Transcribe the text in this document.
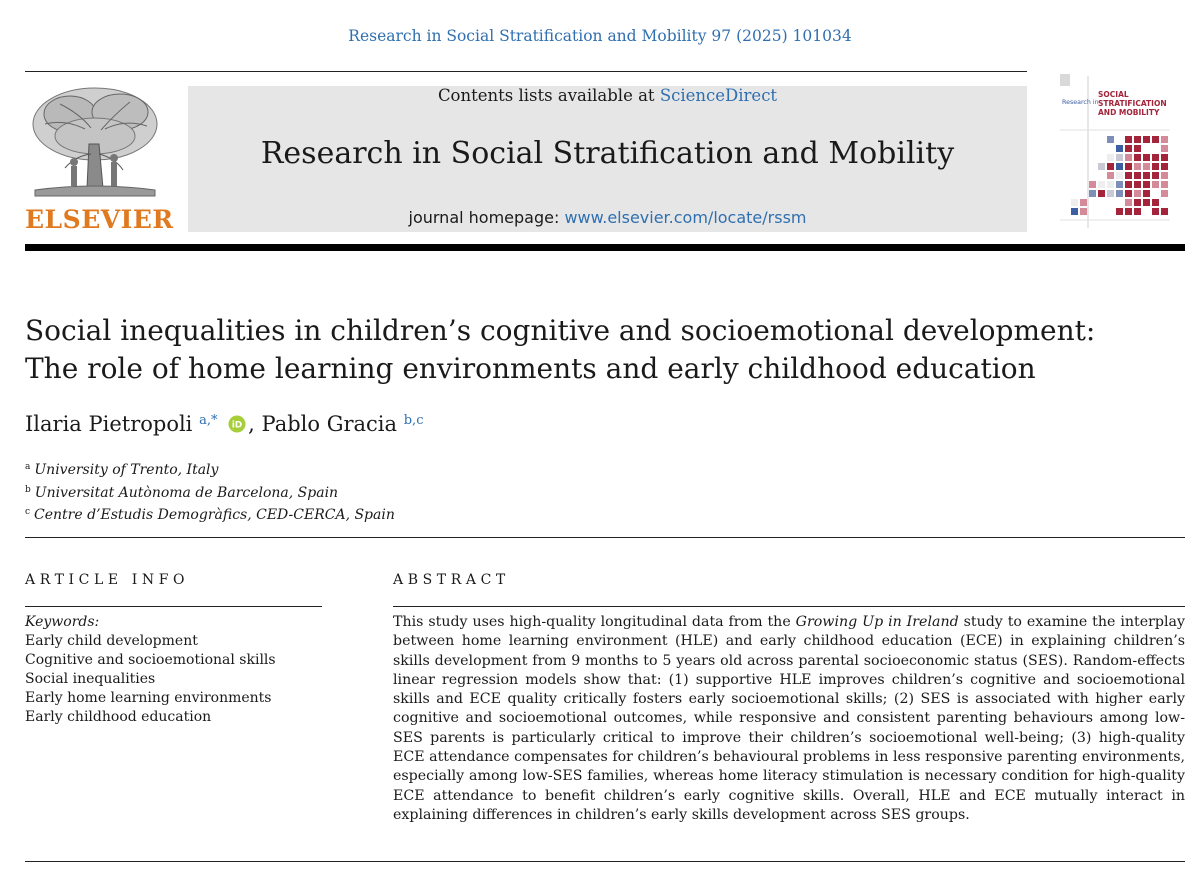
Research in Social Stratification and Mobility 97 (2025) 101034
ELSEVIER
Contents lists available at ScienceDirect
Research in Social Stratification and Mobility
journal homepage: www.elsevier.com/locate/rssm
Research in
SOCIAL
STRATIFICATION
AND MOBILITY
Social inequalities in children’s cognitive and socioemotional development:
The role of home learning environments and early childhood education
Ilaria Pietropoli $^{a,*}$ iD , Pablo Gracia $^{b,c}$
$^a$ University of Trento, Italy
$^b$ Universitat Autònoma de Barcelona, Spain
$^c$ Centre d’Estudis Demogràfics, CED-CERCA, Spain
ARTICLE INFO
Keywords:
Early child development
Cognitive and socioemotional skills
Social inequalities
Early home learning environments
Early childhood education
ABSTRACT
This study uses high-quality longitudinal data from the Growing Up in Ireland study to examine the interplay between home learning environment (HLE) and early childhood education (ECE) in explaining children’s skills development from 9 months to 5 years old across parental socioeconomic status (SES). Random-effects linear regression models show that: (1) supportive HLE improves children’s cognitive and socioemotional skills and ECE quality critically fosters early socioemotional skills; (2) SES is associated with higher early cognitive and socioemotional outcomes, while responsive and consistent parenting behaviours among low-SES parents is particularly critical to improve their children’s socioemotional well-being; (3) high-quality ECE attendance compensates for children’s behavioural problems in less responsive parenting environments, especially among low-SES families, whereas home literacy stimulation is necessary condition for high-quality ECE attendance to benefit children’s early cognitive skills. Overall, HLE and ECE mutually interact in explaining differences in children’s early skills development across SES groups.
